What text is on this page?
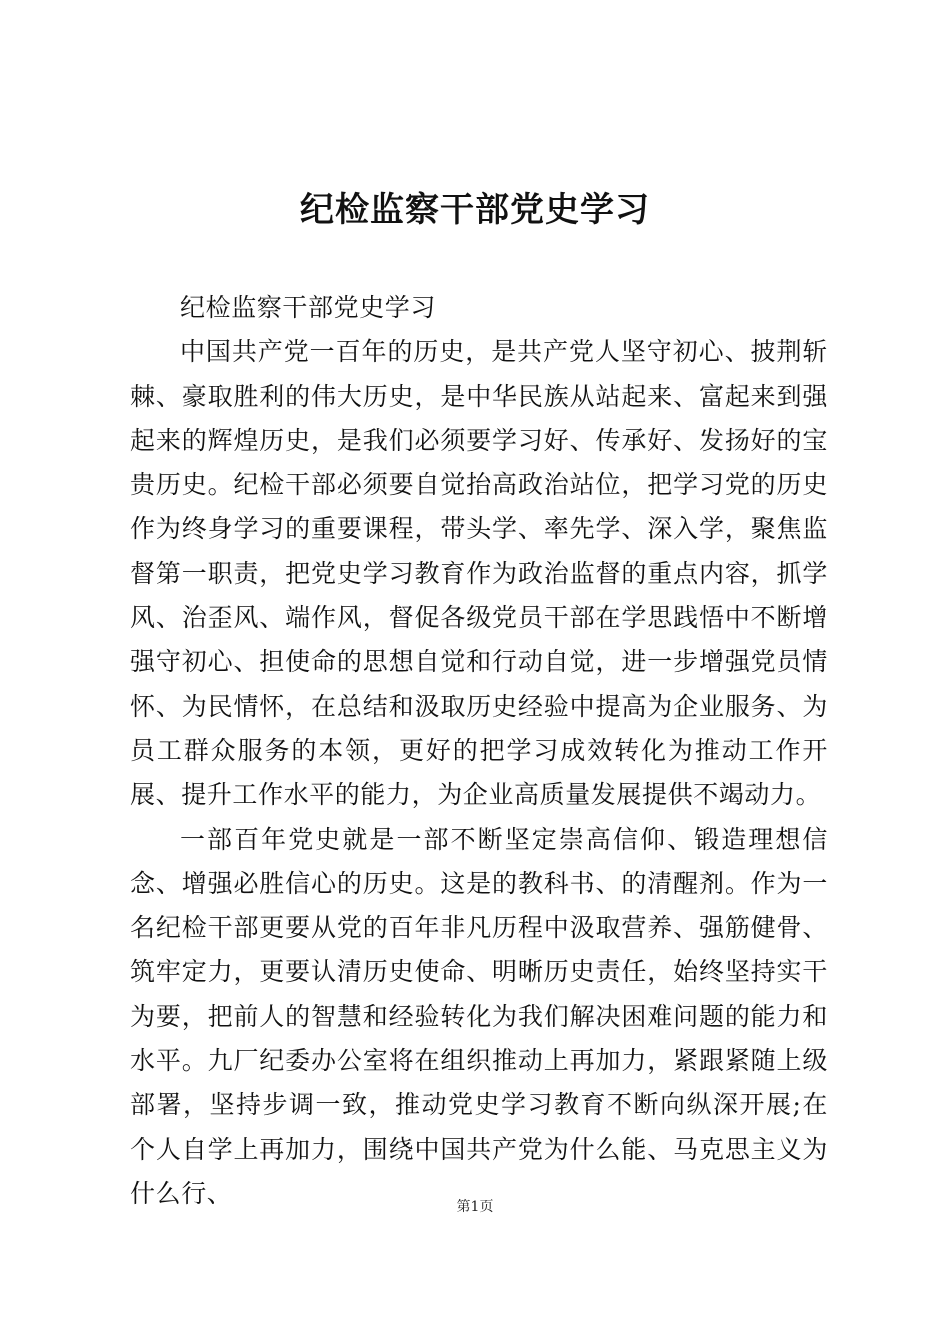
纪检监察干部党史学习

纪检监察干部党史学习

中国共产党一百年的历史，是共产党人坚守初心、披荆斩棘、豪取胜利的伟大历史，是中华民族从站起来、富起来到强起来的辉煌历史，是我们必须要学习好、传承好、发扬好的宝贵历史。纪检干部必须要自觉抬高政治站位，把学习党的历史作为终身学习的重要课程，带头学、率先学、深入学，聚焦监督第一职责，把党史学习教育作为政治监督的重点内容，抓学风、治歪风、端作风，督促各级党员干部在学思践悟中不断增强守初心、担使命的思想自觉和行动自觉，进一步增强党员情怀、为民情怀，在总结和汲取历史经验中提高为企业服务、为员工群众服务的本领，更好的把学习成效转化为推动工作开展、提升工作水平的能力，为企业高质量发展提供不竭动力。

一部百年党史就是一部不断坚定崇高信仰、锻造理想信念、增强必胜信心的历史。这是的教科书、的清醒剂。作为一名纪检干部更要从党的百年非凡历程中汲取营养、强筋健骨、筑牢定力，更要认清历史使命、明晰历史责任，始终坚持实干为要，把前人的智慧和经验转化为我们解决困难问题的能力和水平。九厂纪委办公室将在组织推动上再加力，紧跟紧随上级部署，坚持步调一致，推动党史学习教育不断向纵深开展;在个人自学上再加力，围绕中国共产党为什么能、马克思主义为什么行、	第1页
